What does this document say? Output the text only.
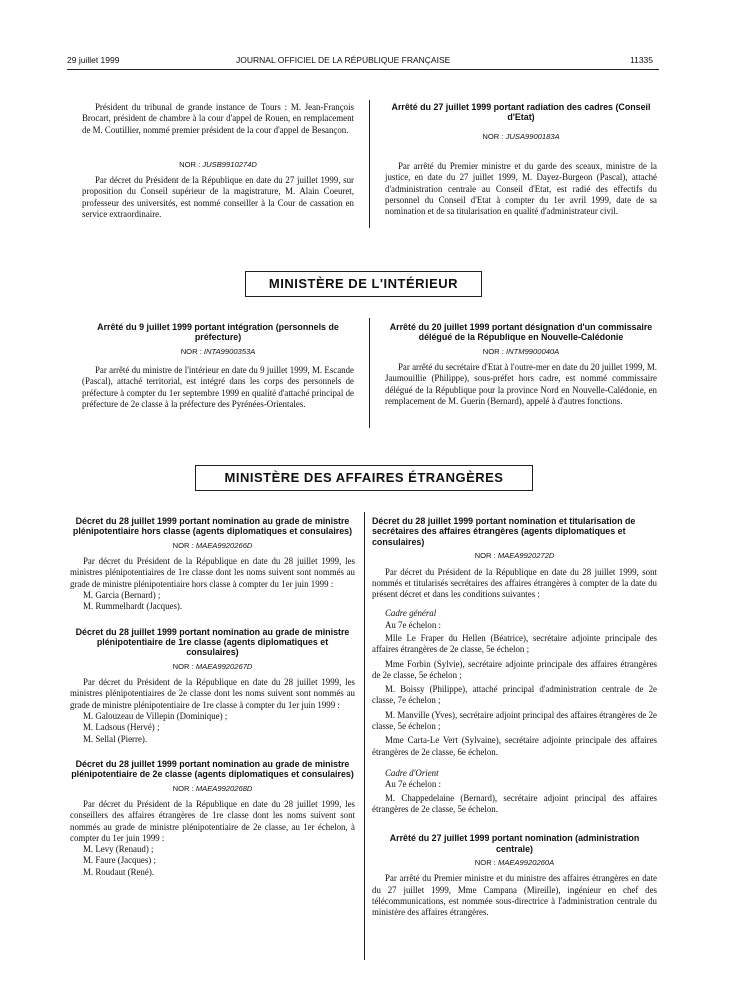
29 juillet 1999	JOURNAL OFFICIEL DE LA RÉPUBLIQUE FRANÇAISE	11335

Président du tribunal de grande instance de Tours : M. Jean-François Brocart, président de chambre à la cour d'appel de Rouen, en remplacement de M. Coutillier, nommé premier président de la cour d'appel de Besançon.

NOR : JUSB9910274D

Par décret du Président de la République en date du 27 juillet 1999, sur proposition du Conseil supérieur de la magistrature, M. Alain Coeuret, professeur des universités, est nommé conseiller à la Cour de cassation en service extraordinaire.

Arrêté du 27 juillet 1999 portant radiation des cadres (Conseil d'Etat)
NOR : JUSA9900183A

Par arrêté du Premier ministre et du garde des sceaux, ministre de la justice, en date du 27 juillet 1999, M. Dayez-Burgeon (Pascal), attaché d'administration centrale au Conseil d'Etat, est radié des effectifs du personnel du Conseil d'Etat à compter du 1er avril 1999, date de sa nomination et de sa titularisation en qualité d'administrateur civil.

MINISTÈRE DE L'INTÉRIEUR
Arrêté du 9 juillet 1999 portant intégration (personnels de préfecture)
NOR : INTA9900353A

Par arrêté du ministre de l'intérieur en date du 9 juillet 1999, M. Escande (Pascal), attaché territorial, est intégré dans les corps des personnels de préfecture à compter du 1er septembre 1999 en qualité d'attaché principal de préfecture de 2e classe à la préfecture des Pyrénées-Orientales.

Arrêté du 20 juillet 1999 portant désignation d'un commissaire délégué de la République en Nouvelle-Calédonie
NOR : INTM9900040A

Par arrêté du secrétaire d'Etat à l'outre-mer en date du 20 juillet 1999, M. Jaumouillie (Philippe), sous-préfet hors cadre, est nommé commissaire délégué de la République pour la province Nord en Nouvelle-Calédonie, en remplacement de M. Guerin (Bernard), appelé à d'autres fonctions.

MINISTÈRE DES AFFAIRES ÉTRANGÈRES
Décret du 28 juillet 1999 portant nomination au grade de ministre plénipotentiaire hors classe (agents diplomatiques et consulaires)
NOR : MAEA9920266D

Par décret du Président de la République en date du 28 juillet 1999, les ministres plénipotentiaires de 1re classe dont les noms suivent sont nommés au grade de ministre plénipotentiaire hors classe à compter du 1er juin 1999 :

M. Garcia (Bernard) ;

M. Rummelhardt (Jacques).

Décret du 28 juillet 1999 portant nomination au grade de ministre plénipotentiaire de 1re classe (agents diplomatiques et consulaires)
NOR : MAEA9920267D

Par décret du Président de la République en date du 28 juillet 1999, les ministres plénipotentiaires de 2e classe dont les noms suivent sont nommés au grade de ministre plénipotentiaire de 1re classe à compter du 1er juin 1999 :

M. Galouzeau de Villepin (Dominique) ;

M. Ladsous (Hervé) ;

M. Sellal (Pierre).

Décret du 28 juillet 1999 portant nomination au grade de ministre plénipotentiaire de 2e classe (agents diplomatiques et consulaires)
NOR : MAEA9920268D

Par décret du Président de la République en date du 28 juillet 1999, les conseillers des affaires étrangères de 1re classe dont les noms suivent sont nommés au grade de ministre plénipotentiaire de 2e classe, au 1er échelon, à compter du 1er juin 1999 :

M. Levy (Renaud) ;

M. Faure (Jacques) ;

M. Roudaut (René).

Décret du 28 juillet 1999 portant nomination et titularisation de secrétaires des affaires étrangères (agents diplomatiques et consulaires)
NOR : MAEA9920272D

Par décret du Président de la République en date du 28 juillet 1999, sont nommés et titularisés secrétaires des affaires étrangères à compter de la date du présent décret et dans les conditions suivantes :

Cadre général

Au 7e échelon :

Mlle Le Fraper du Hellen (Béatrice), secrétaire adjointe principale des affaires étrangères de 2e classe, 5e échelon ;

Mme Forbin (Sylvie), secrétaire adjointe principale des affaires étrangères de 2e classe, 5e échelon ;

M. Boissy (Philippe), attaché principal d'administration centrale de 2e classe, 7e échelon ;

M. Manville (Yves), secrétaire adjoint principal des affaires étrangères de 2e classe, 5e échelon ;

Mme Carta-Le Vert (Sylvaine), secrétaire adjointe principale des affaires étrangères de 2e classe, 6e échelon.

Cadre d'Orient

Au 7e échelon :

M. Chappedelaine (Bernard), secrétaire adjoint principal des affaires étrangères de 2e classe, 5e échelon.

Arrêté du 27 juillet 1999 portant nomination (administration centrale)
NOR : MAEA9920260A

Par arrêté du Premier ministre et du ministre des affaires étrangères en date du 27 juillet 1999, Mme Campana (Mireille), ingénieur en chef des télécommunications, est nommée sous-directrice à l'administration centrale du ministère des affaires étrangères.
